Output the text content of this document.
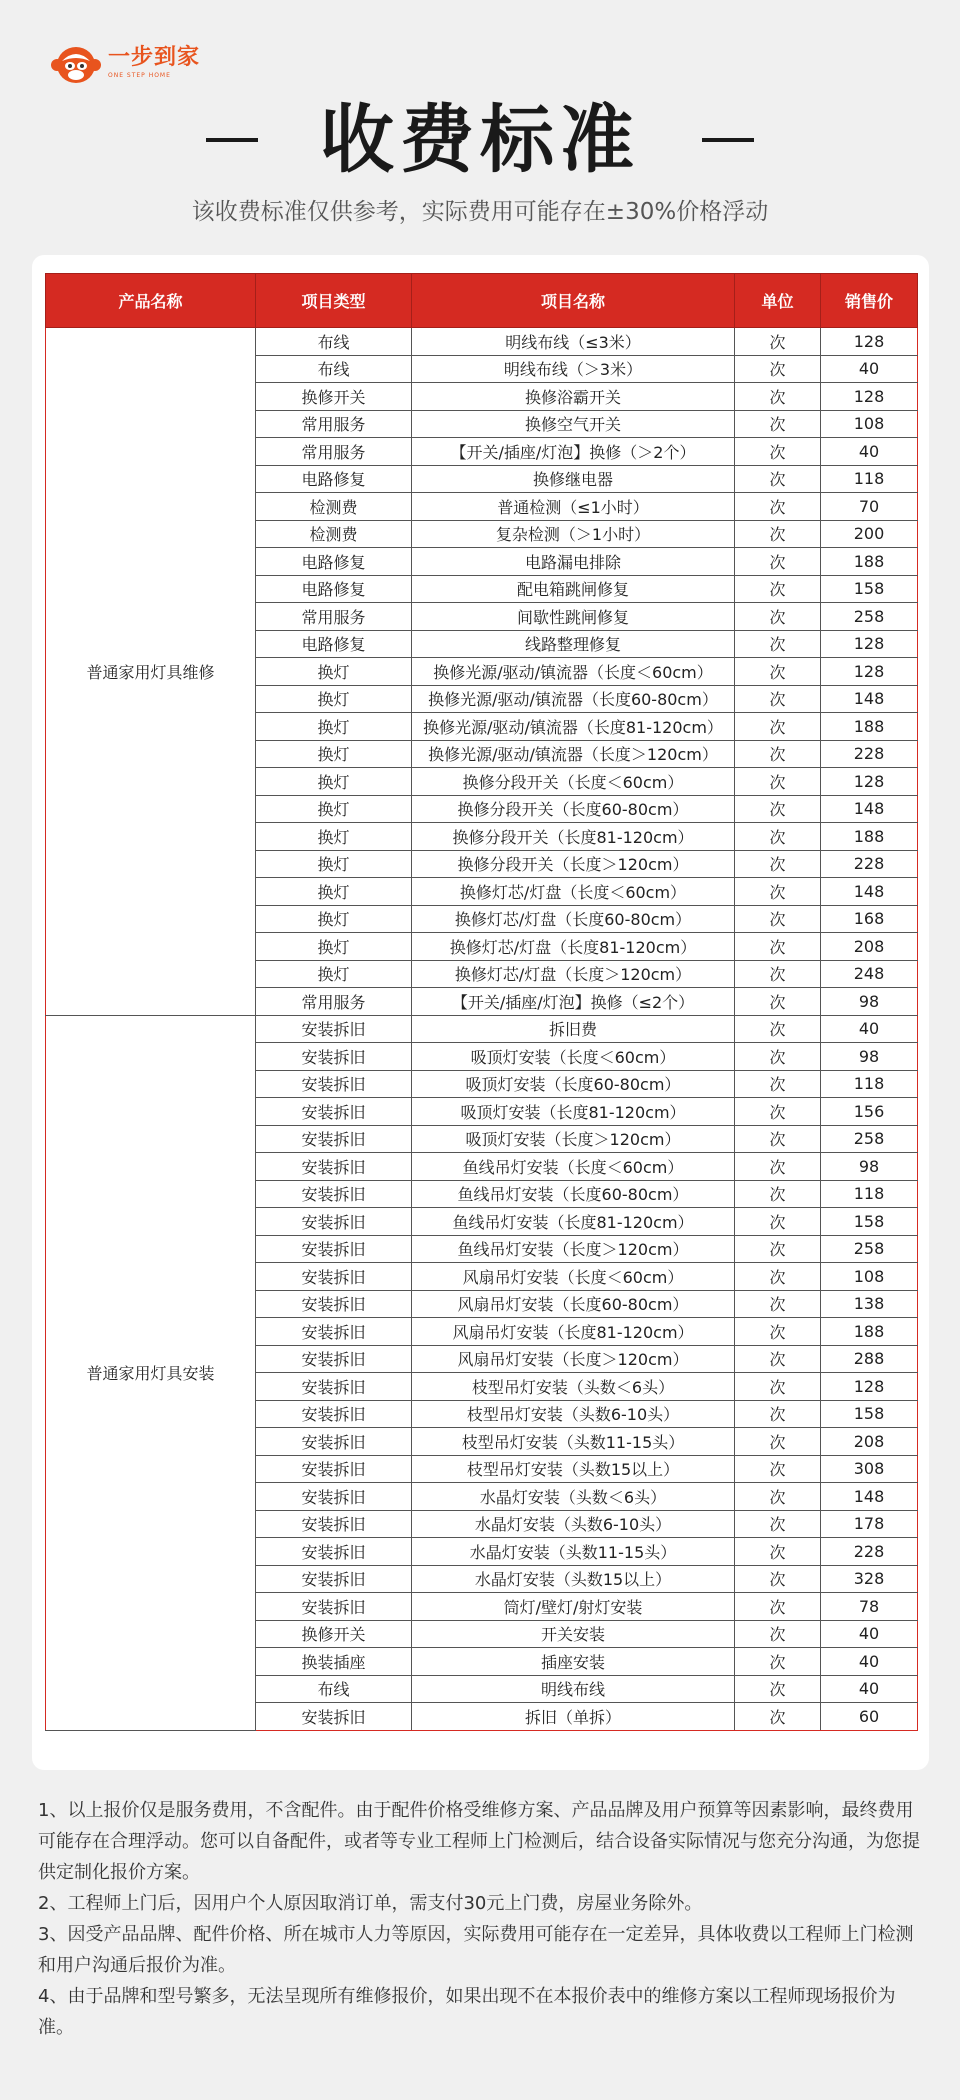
一步到家
ONE STEP HOME
收费标准
该收费标准仅供参考，实际费用可能存在±30%价格浮动
产品名称	项目类型	项目名称	单位	销售价
普通家用灯具维修	布线	明线布线（≤3米）	次	128
	布线	明线布线（＞3米）	次	40
	换修开关	换修浴霸开关	次	128
	常用服务	换修空气开关	次	108
	常用服务	【开关/插座/灯泡】换修（＞2个）	次	40
	电路修复	换修继电器	次	118
	检测费	普通检测（≤1小时）	次	70
	检测费	复杂检测（＞1小时）	次	200
	电路修复	电路漏电排除	次	188
	电路修复	配电箱跳闸修复	次	158
	常用服务	间歇性跳闸修复	次	258
	电路修复	线路整理修复	次	128
	换灯	换修光源/驱动/镇流器（长度＜60cm）	次	128
	换灯	换修光源/驱动/镇流器（长度60-80cm）	次	148
	换灯	换修光源/驱动/镇流器（长度81-120cm）	次	188
	换灯	换修光源/驱动/镇流器（长度＞120cm）	次	228
	换灯	换修分段开关（长度＜60cm）	次	128
	换灯	换修分段开关（长度60-80cm）	次	148
	换灯	换修分段开关（长度81-120cm）	次	188
	换灯	换修分段开关（长度＞120cm）	次	228
	换灯	换修灯芯/灯盘（长度＜60cm）	次	148
	换灯	换修灯芯/灯盘（长度60-80cm）	次	168
	换灯	换修灯芯/灯盘（长度81-120cm）	次	208
	换灯	换修灯芯/灯盘（长度＞120cm）	次	248
	常用服务	【开关/插座/灯泡】换修（≤2个）	次	98
普通家用灯具安装	安装拆旧	拆旧费	次	40
	安装拆旧	吸顶灯安装（长度＜60cm）	次	98
	安装拆旧	吸顶灯安装（长度60-80cm）	次	118
	安装拆旧	吸顶灯安装（长度81-120cm）	次	156
	安装拆旧	吸顶灯安装（长度＞120cm）	次	258
	安装拆旧	鱼线吊灯安装（长度＜60cm）	次	98
	安装拆旧	鱼线吊灯安装（长度60-80cm）	次	118
	安装拆旧	鱼线吊灯安装（长度81-120cm）	次	158
	安装拆旧	鱼线吊灯安装（长度＞120cm）	次	258
	安装拆旧	风扇吊灯安装（长度＜60cm）	次	108
	安装拆旧	风扇吊灯安装（长度60-80cm）	次	138
	安装拆旧	风扇吊灯安装（长度81-120cm）	次	188
	安装拆旧	风扇吊灯安装（长度＞120cm）	次	288
	安装拆旧	枝型吊灯安装（头数＜6头）	次	128
	安装拆旧	枝型吊灯安装（头数6-10头）	次	158
	安装拆旧	枝型吊灯安装（头数11-15头）	次	208
	安装拆旧	枝型吊灯安装（头数15以上）	次	308
	安装拆旧	水晶灯安装（头数＜6头）	次	148
	安装拆旧	水晶灯安装（头数6-10头）	次	178
	安装拆旧	水晶灯安装（头数11-15头）	次	228
	安装拆旧	水晶灯安装（头数15以上）	次	328
	安装拆旧	筒灯/壁灯/射灯安装	次	78
	换修开关	开关安装	次	40
	换装插座	插座安装	次	40
	布线	明线布线	次	40
	安装拆旧	拆旧（单拆）	次	60

1、以上报价仅是服务费用，不含配件。由于配件价格受维修方案、产品品牌及用户预算等因素影响，最终费用可能存在合理浮动。您可以自备配件，或者等专业工程师上门检测后，结合设备实际情况与您充分沟通，为您提供定制化报价方案。

2、工程师上门后，因用户个人原因取消订单，需支付30元上门费，房屋业务除外。

3、因受产品品牌、配件价格、所在城市人力等原因，实际费用可能存在一定差异，具体收费以工程师上门检测和用户沟通后报价为准。

4、由于品牌和型号繁多，无法呈现所有维修报价，如果出现不在本报价表中的维修方案以工程师现场报价为准。
